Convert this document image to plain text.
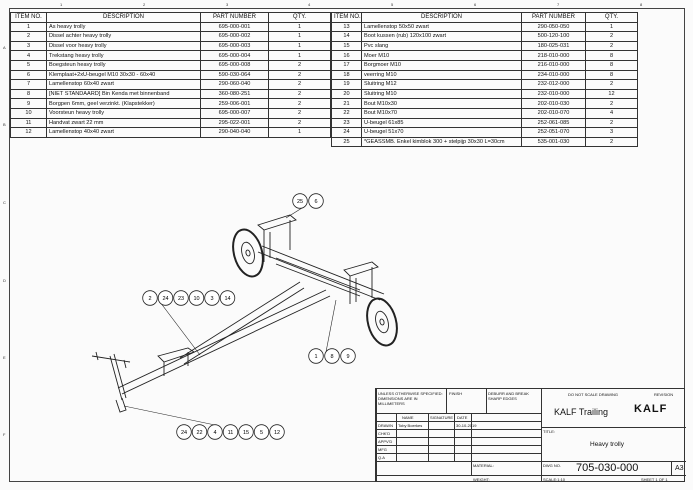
1	2	3	4	5	6	7	8
A
B
C
D
E
F
ITEM NO.	DESCRIPTION	PART NUMBER	QTY.
1	As heavy trolly	695-000-001	1
2	Dissel achter heavy trolly	695-000-002	1
3	Dissel voor heavy trolly	695-000-003	1
4	Trekstang heavy trolly	695-000-004	1
5	Boegsteun heavy trolly	695-000-008	2
6	Klemplaat+2xU-beugel M10 30x30 - 60x40	590-030-064	2
7	Lamellenstop 60x40 zwart	290-060-040	2
8	[NIET STANDAARD] Bin Kenda met binnenband	360-080-251	2
9	Borgpen 6mm, geel verzinkt. (Klapstekker)	259-006-001	2
10	Voorsteun heavy trolly	695-000-007	2
11	Handvat zwart 22 mm	295-022-001	2
12	Lamellenstop 40x40 zwart	290-040-040	1
ITEM NO.	DESCRIPTION	PART NUMBER	QTY.
13	Lamellenstop 50x50 zwart	290-050-050	1
14	Boot kussen (rub) 120x100 zwart	500-120-100	2
15	Pvc slang	180-025-031	2
16	Moer M10	218-010-000	8
17	Borgmoer M10	216-010-000	8
18	veerring M10	234-010-000	8
19	Sluitring M12	232-012-000	2
20	Sluitring M10	232-010-000	12
21	Bout M10x30	202-010-030	2
22	Bout M10x70	202-010-070	4
23	U-beugel 61x85	252-061-085	2
24	U-beugel 51x70	252-051-070	3
25	*GEASSMB. Enkel kimblok 300 + stelpijp 30x30 L=30cm	535-001-030	2
25 6
2 24 23 10 3 14
1 8 9
24 22 4 11 15 5 12
UNLESS OTHERWISE SPECIFIED: DIMENSIONS ARE IN MILLIMETERS
FINISH	DEBURR AND BREAK SHARP EDGES
DO NOT SCALE DRAWING	REVISION
KALF Trailing KALF
NAME	SIGNATURE DATE
DRAWN Toby Boerkes	30-10-2019
CHK'D
APPV'D
MFG
Q.A
MATERIAL:
WEIGHT:
TITLE:
Heavy trolly
DWG NO. 705-030-000	A3
SCALE:1:10	SHEET 1 OF 1
